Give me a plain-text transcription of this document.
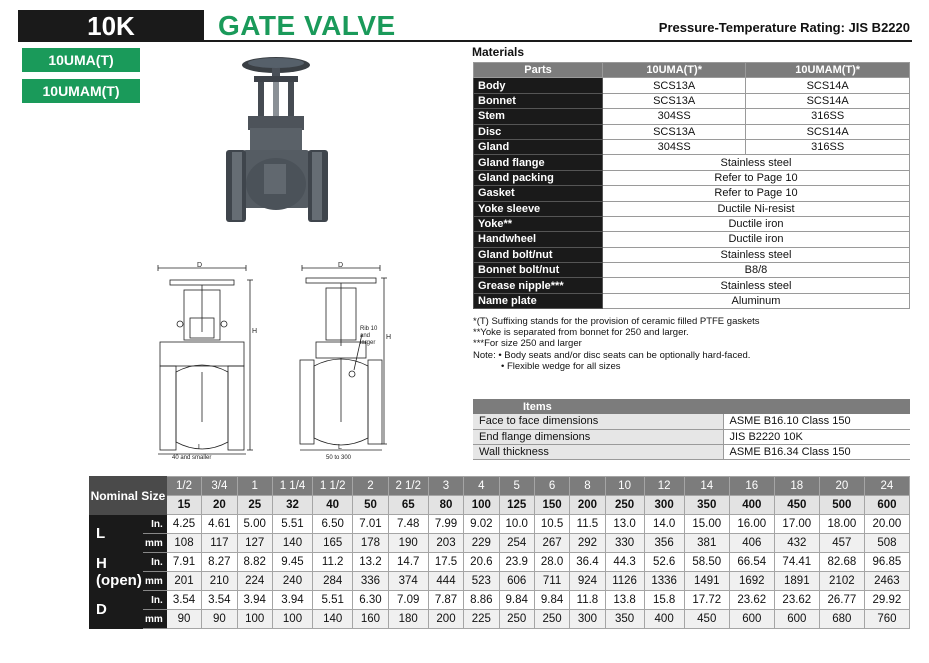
10K	GATE VALVE	Pressure-Temperature Rating: JIS B2220
10UMA(T)
10UMAM(T)
D
H
L
40 and smaller
D
H
L
Rib 10 and larger
50 to 300
Materials
Parts	10UMA(T)*	10UMAM(T)*
Body	SCS13A	SCS14A
Bonnet	SCS13A	SCS14A
Stem	304SS	316SS
Disc	SCS13A	SCS14A
Gland	304SS	316SS
Gland flange	Stainless steel	
Gland packing	Refer to Page 10	
Gasket	Refer to Page 10	
Yoke sleeve	Ductile Ni-resist	
Yoke**	Ductile iron	
Handwheel	Ductile iron	
Gland bolt/nut	Stainless steel	
Bonnet bolt/nut	B8/8	
Grease nipple***	Stainless steel	
Name plate	Aluminum	
*(T) Suffixing stands for the provision of ceramic filled PTFE gaskets
**Yoke is separated from bonnet for 250 and larger.
***For size 250 and larger
Note: • Body seats and/or disc seats can be optionally hard-faced.
• Flexible wedge for all sizes
Items	
Face to face dimensions	ASME B16.10 Class 150
End flange dimensions	JIS B2220 10K
Wall thickness	ASME B16.34 Class 150
Nominal Size		1/2	3/4	1	1 1/4	1 1/2	2	2 1/2	3	4	5	6	8	10	12	14	16	18	20	24
		15	20	25	32	40	50	65	80	100	125	150	200	250	300	350	400	450	500	600
L	In.	4.25	4.61	5.00	5.51	6.50	7.01	7.48	7.99	9.02	10.0	10.5	11.5	13.0	14.0	15.00	16.00	17.00	18.00	20.00
	mm	108	117	127	140	165	178	190	203	229	254	267	292	330	356	381	406	432	457	508
H (open)	In.	7.91	8.27	8.82	9.45	11.2	13.2	14.7	17.5	20.6	23.9	28.0	36.4	44.3	52.6	58.50	66.54	74.41	82.68	96.85
	mm	201	210	224	240	284	336	374	444	523	606	711	924	1126	1336	1491	1692	1891	2102	2463
D	In.	3.54	3.54	3.94	3.94	5.51	6.30	7.09	7.87	8.86	9.84	9.84	11.8	13.8	15.8	17.72	23.62	23.62	26.77	29.92
	mm	90	90	100	100	140	160	180	200	225	250	250	300	350	400	450	600	600	680	760
